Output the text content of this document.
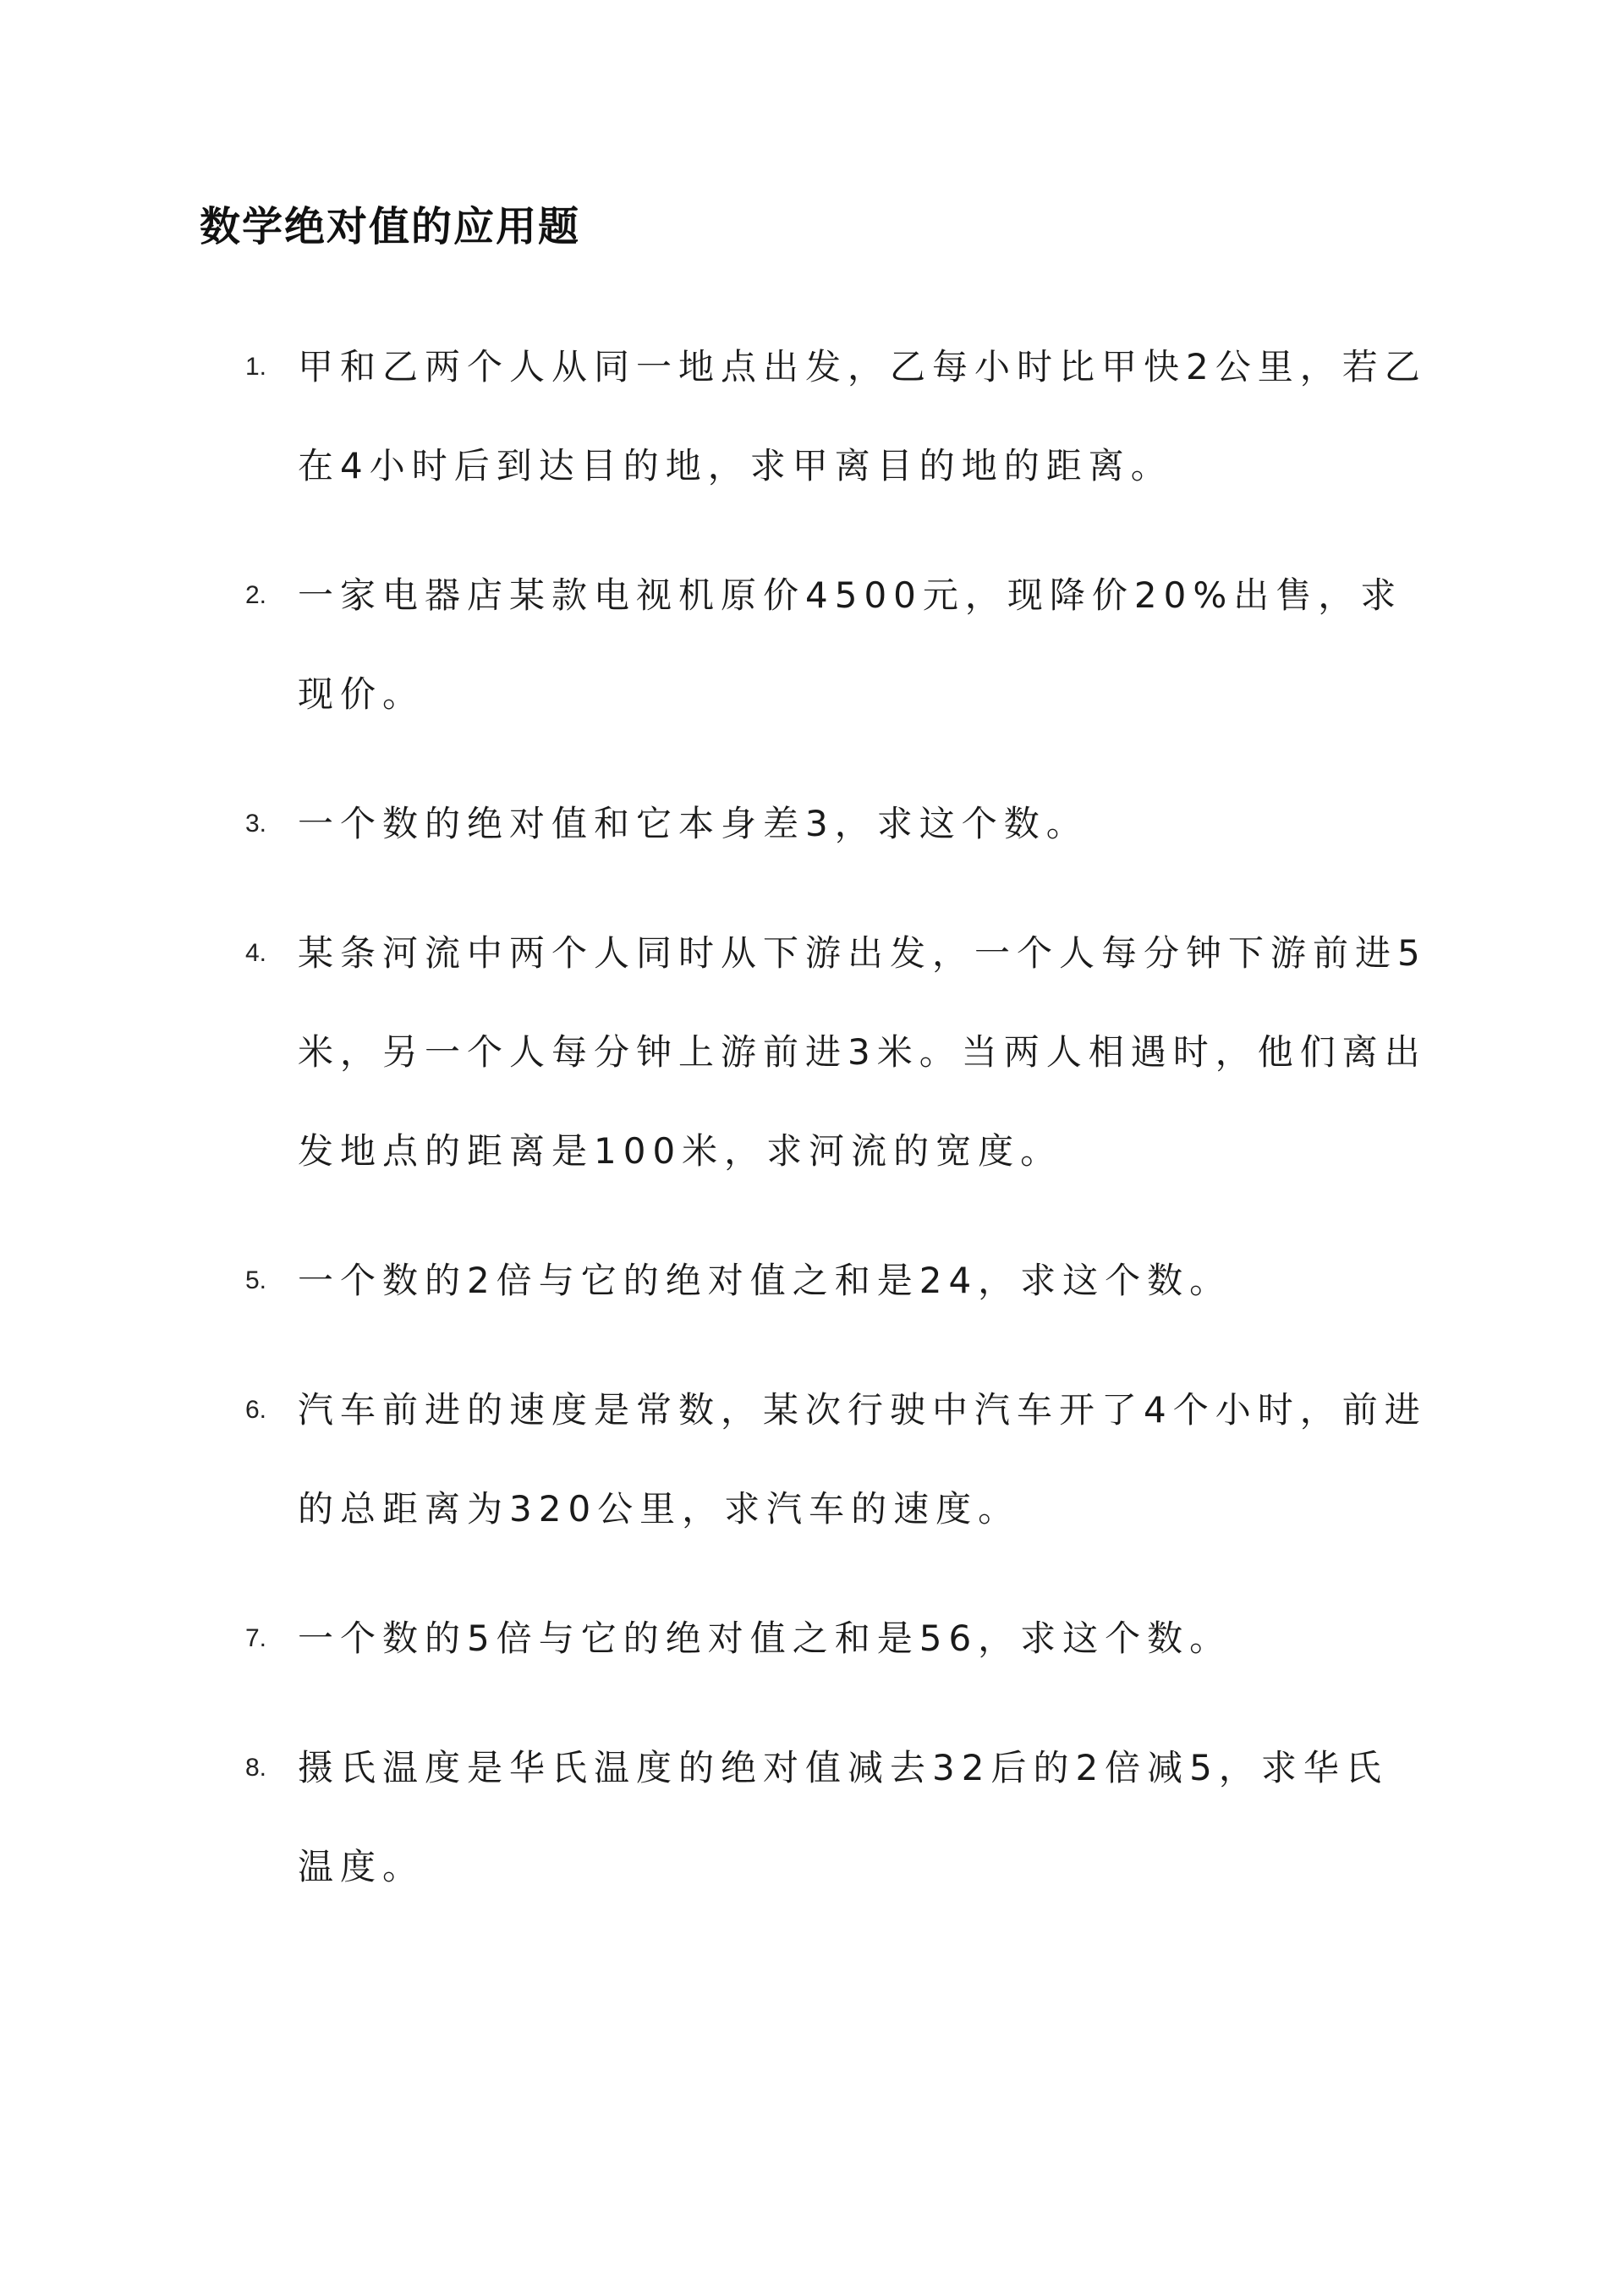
数学绝对值的应用题
1. 甲和乙两个人从同一地点出发，乙每小时比甲快2公里，若乙在4小时后到达目的地，求甲离目的地的距离。
2. 一家电器店某款电视机原价4500元，现降价20%出售，求现价。
3. 一个数的绝对值和它本身差3，求这个数。
4. 某条河流中两个人同时从下游出发，一个人每分钟下游前进5米，另一个人每分钟上游前进3米。当两人相遇时，他们离出发地点的距离是100米，求河流的宽度。
5. 一个数的2倍与它的绝对值之和是24，求这个数。
6. 汽车前进的速度是常数，某次行驶中汽车开了4个小时，前进的总距离为320公里，求汽车的速度。
7. 一个数的5倍与它的绝对值之和是56，求这个数。
8. 摄氏温度是华氏温度的绝对值减去32后的2倍减5，求华氏温度。
